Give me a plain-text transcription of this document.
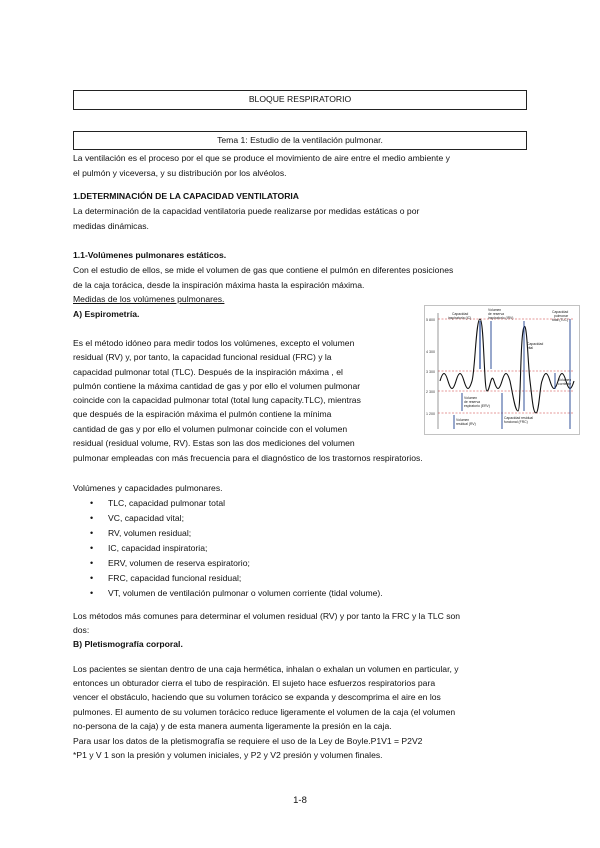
BLOQUE RESPIRATORIO
Tema 1: Estudio de la ventilación pulmonar.
La ventilación es el proceso por el que se produce el movimiento de aire entre el medio ambiente y
el pulmón y viceversa, y su distribución por los alvéolos.
1.DETERMINACIÓN DE LA CAPACIDAD VENTILATORIA
La determinación de la capacidad ventilatoria puede realizarse por medidas estáticas o por
medidas dinámicas.
1.1-Volúmenes pulmonares estáticos.
Con el estudio de ellos, se mide el volumen de gas que contiene el pulmón en diferentes posiciones
de la caja torácica, desde la inspiración máxima hasta la espiración máxima.
Medidas de los volúmenes pulmonares.
A) Espirometría.
Es el método idóneo para medir todos los volúmenes, excepto el volumen
residual (RV) y, por tanto, la capacidad funcional residual (FRC) y la
capacidad pulmonar total (TLC). Después de la inspiración máxima , el
pulmón contiene la máxima cantidad de gas y por ello el volumen pulmonar
coincide con la capacidad pulmonar total (total lung capacity.TLC), mientras
que después de la espiración máxima el pulmón contiene la mínima
cantidad de gas y por ello el volumen pulmonar coincide con el volumen
residual (residual volume, RV). Estas son las dos mediciones del volumen
pulmonar empleadas con más frecuencia para el diagnóstico de los trastornos respiratorios.
5 800
4 300
3 300
2 300
1 200
Capacidad
inspiratoria (IC)
Volumen
de reserva
inspiratorio (IRV)
Capacidad
pulmonar
total (TLC)
Capacidad
vital
Volumen
corriente
Volumen
de reserva
espiratorio (ERV)
Capacidad residual
funcional (FRC)
Volumen
residual (RV)
Volúmenes y capacidades pulmonares.
• TLC, capacidad pulmonar total
• VC, capacidad vital;
• RV, volumen residual;
• IC, capacidad inspiratoria;
• ERV, volumen de reserva espiratorio;
• FRC, capacidad funcional residual;
• VT, volumen de ventilación pulmonar o volumen corriente (tidal volume).
Los métodos más comunes para determinar el volumen residual (RV) y por tanto la FRC y la TLC son
dos:
B) Pletismografía corporal.
Los pacientes se sientan dentro de una caja hermética, inhalan o exhalan un volumen en particular, y
entonces un obturador cierra el tubo de respiración. El sujeto hace esfuerzos respiratorios para
vencer el obstáculo, haciendo que su volumen torácico se expanda y descomprima el aire en los
pulmones. El aumento de su volumen torácico reduce ligeramente el volumen de la caja (el volumen
no-persona de la caja) y de esta manera aumenta ligeramente la presión en la caja.
Para usar los datos de la pletismografía se requiere el uso de la Ley de Boyle.P1V1 = P2V2
*P1 y V 1 son la presión y volumen iniciales, y P2 y V2 presión y volumen finales.
1-8
